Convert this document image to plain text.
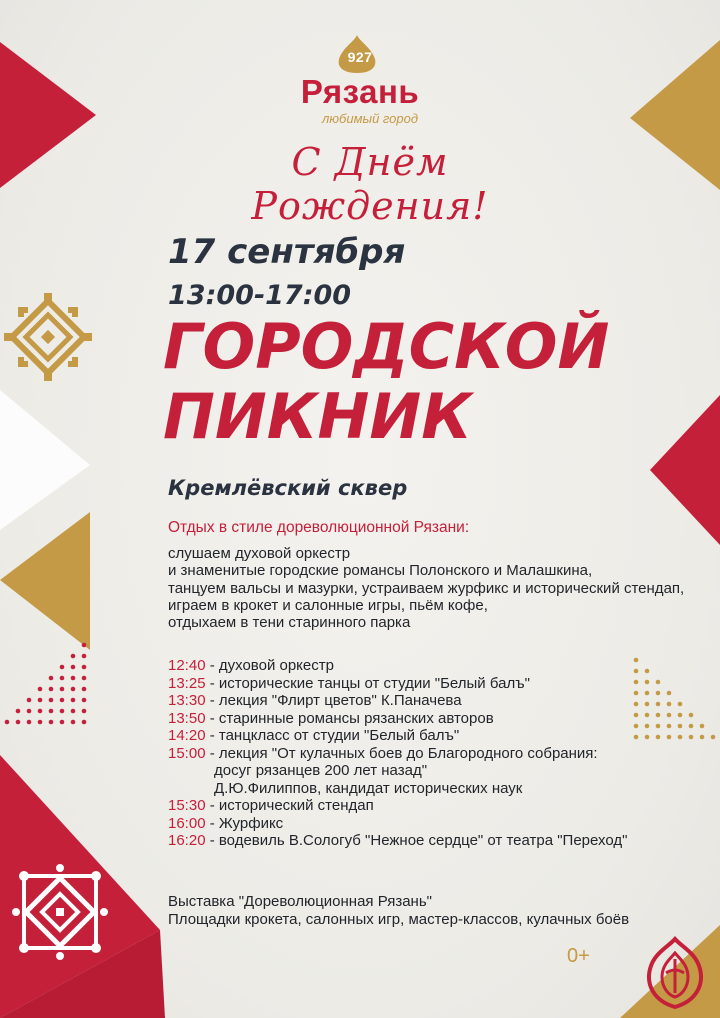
927
Рязань
любимый город
С Днём Рождения!
17 сентября
13:00-17:00
ГОРОДСКОЙ
ПИКНИК
Кремлёвский сквер
Отдых в стиле дореволюционной Рязани:
слушаем духовой оркестр
и знаменитые городские романсы Полонского и Малашкина,
танцуем вальсы и мазурки, устраиваем журфикс и исторический стендап,
играем в крокет и салонные игры, пьём кофе,
отдыхаем в тени старинного парка
12:40 - духовой оркестр
13:25 - исторические танцы от студии "Белый балъ"
13:30 - лекция "Флирт цветов" К.Паначева
13:50 - старинные романсы рязанских авторов
14:20 - танцкласс от студии "Белый балъ"
15:00 - лекция "От кулачных боев до Благородного собрания:
досуг рязанцев 200 лет назад"
Д.Ю.Филиппов, кандидат исторических наук
15:30 - исторический стендап
16:00 - Журфикс
16:20 - водевиль В.Сологуб "Нежное сердце" от театра "Переход"
Выставка "Дореволюционная Рязань"
Площадки крокета, салонных игр, мастер-классов, кулачных боёв
0+
